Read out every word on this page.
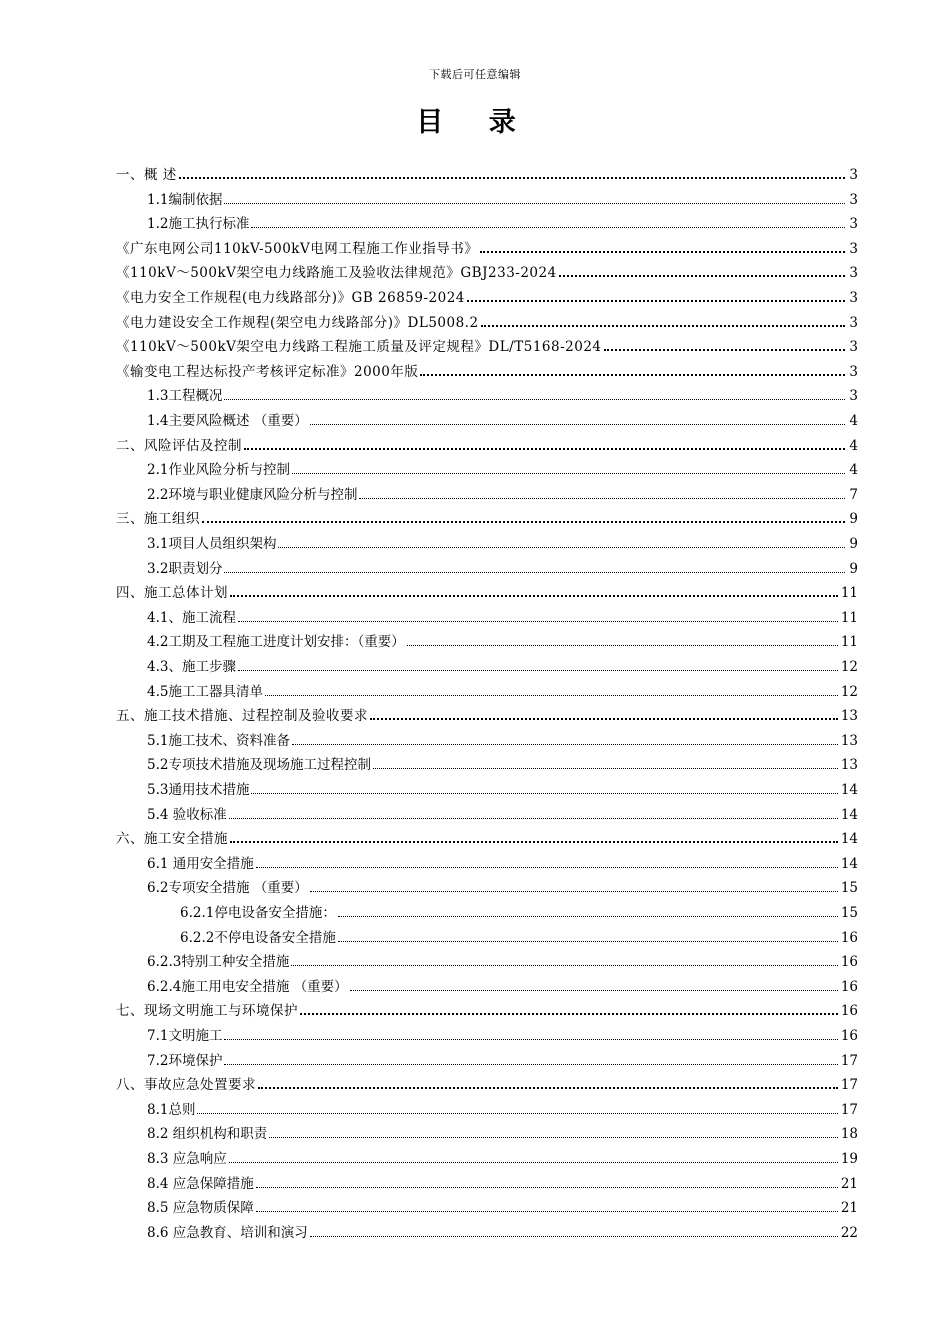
下载后可任意编辑
目 录
一、概 述	3
1.1编制依据	3
1.2施工执行标准	3
《广东电网公司110kV-500kV电网工程施工作业指导书》	3
《110kV～500kV架空电力线路施工及验收法律规范》GBJ233-2024	3
《电力安全工作规程(电力线路部分)》GB 26859-2024	3
《电力建设安全工作规程(架空电力线路部分)》DL5008.2	3
《110kV～500kV架空电力线路工程施工质量及评定规程》DL/T5168-2024	3
《输变电工程达标投产考核评定标准》2000年版	3
1.3工程概况	3
1.4主要风险概述 （重要）	4
二、风险评估及控制	4
2.1作业风险分析与控制	4
2.2环境与职业健康风险分析与控制	7
三、施工组织	9
3.1项目人员组织架构	9
3.2职责划分	9
四、施工总体计划	11
4.1、施工流程	11
4.2工期及工程施工进度计划安排：（重要）	11
4.3、施工步骤	12
4.5施工工器具清单	12
五、施工技术措施、过程控制及验收要求	13
5.1施工技术、资料准备	13
5.2专项技术措施及现场施工过程控制	13
5.3通用技术措施	14
5.4 验收标准	14
六、施工安全措施	14
6.1 通用安全措施	14
6.2专项安全措施 （重要）	15
6.2.1停电设备安全措施：	15
6.2.2不停电设备安全措施	16
6.2.3特别工种安全措施	16
6.2.4施工用电安全措施 （重要）	16
七、现场文明施工与环境保护	16
7.1文明施工	16
7.2环境保护	17
八、事故应急处置要求	17
8.1总则	17
8.2 组织机构和职责	18
8.3 应急响应	19
8.4 应急保障措施	21
8.5 应急物质保障	21
8.6 应急教育、培训和演习	22
